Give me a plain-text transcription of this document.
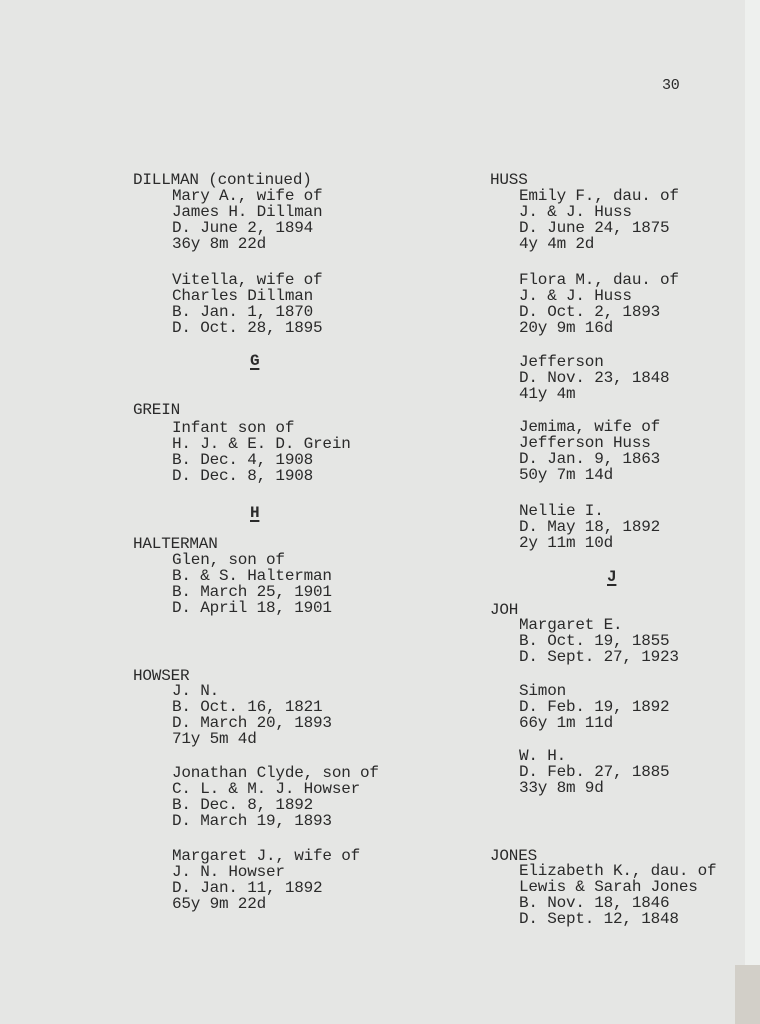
30
DILLMAN (continued)
Mary A., wife of
James H. Dillman
D. June 2, 1894
36y 8m 22d
Vitella, wife of
Charles Dillman
B. Jan. 1, 1870
D. Oct. 28, 1895
G
GREIN
Infant son of
H. J. & E. D. Grein
B. Dec. 4, 1908
D. Dec. 8, 1908
H
HALTERMAN
Glen, son of
B. & S. Halterman
B. March 25, 1901
D. April 18, 1901
HOWSER
J. N.
B. Oct. 16, 1821
D. March 20, 1893
71y 5m 4d
Jonathan Clyde, son of
C. L. & M. J. Howser
B. Dec. 8, 1892
D. March 19, 1893
Margaret J., wife of
J. N. Howser
D. Jan. 11, 1892
65y 9m 22d
HUSS
Emily F., dau. of
J. & J. Huss
D. June 24, 1875
4y 4m 2d
Flora M., dau. of
J. & J. Huss
D. Oct. 2, 1893
20y 9m 16d
Jefferson
D. Nov. 23, 1848
41y 4m
Jemima, wife of
Jefferson Huss
D. Jan. 9, 1863
50y 7m 14d
Nellie I.
D. May 18, 1892
2y 11m 10d
J
JOH
Margaret E.
B. Oct. 19, 1855
D. Sept. 27, 1923
Simon
D. Feb. 19, 1892
66y 1m 11d
W. H.
D. Feb. 27, 1885
33y 8m 9d
JONES
Elizabeth K., dau. of
Lewis & Sarah Jones
B. Nov. 18, 1846
D. Sept. 12, 1848
